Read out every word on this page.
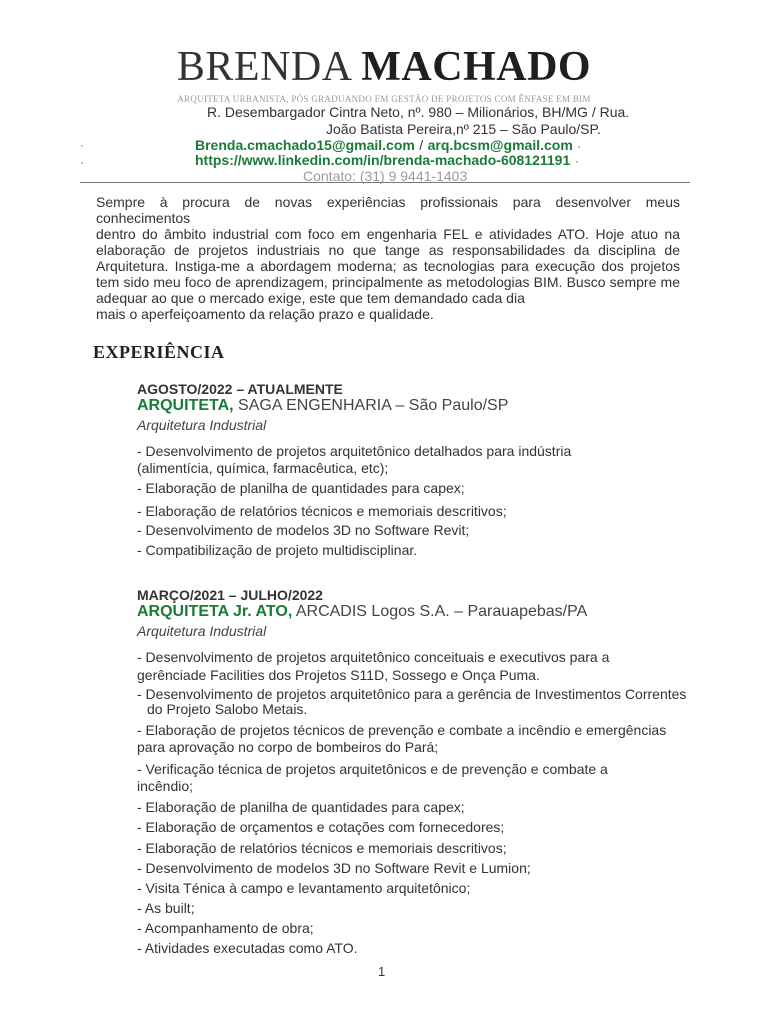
BRENDA MACHADO
ARQUITETA URBANISTA, PÓS GRADUANDO EM GESTÃO DE PROJETOS COM ÊNFASE EM BIM
R. Desembargador Cintra Neto, nº. 980 – Milionários, BH/MG / Rua.
João Batista Pereira,nº 215 – São Paulo/SP.
·	Brenda.cmachado15@gmail.com / arq.bcsm@gmail.com ·
·	https://www.linkedin.com/in/brenda-machado-608121191 ·
Contato: (31) 9 9441-1403
Sempre à procura de novas experiências profissionais para desenvolver meus conhecimentos
dentro do âmbito industrial com foco em engenharia FEL e atividades ATO. Hoje atuo na
elaboração de projetos industriais no que tange as responsabilidades da disciplina de
Arquitetura. Instiga-me a abordagem moderna; as tecnologias para execução dos projetos
tem sido meu foco de aprendizagem, principalmente as metodologias BIM. Busco sempre me
adequar ao que o mercado exige, este que tem demandado cada dia
mais o aperfeiçoamento da relação prazo e qualidade.
EXPERIÊNCIA
AGOSTO/2022 – ATUALMENTE
ARQUITETA, SAGA ENGENHARIA – São Paulo/SP
Arquitetura Industrial
- Desenvolvimento de projetos arquitetônico detalhados para indústria
(alimentícia, química, farmacêutica, etc);
- Elaboração de planilha de quantidades para capex;
- Elaboração de relatórios técnicos e memoriais descritivos;
- Desenvolvimento de modelos 3D no Software Revit;
- Compatibilização de projeto multidisciplinar.
MARÇO/2021 – JULHO/2022
ARQUITETA Jr. ATO, ARCADIS Logos S.A. – Parauapebas/PA
Arquitetura Industrial
- Desenvolvimento de projetos arquitetônico conceituais e executivos para a
gerênciade Facilities dos Projetos S11D, Sossego e Onça Puma.
- Desenvolvimento de projetos arquitetônico para a gerência de Investimentos Correntes
do Projeto Salobo Metais.
- Elaboração de projetos técnicos de prevenção e combate a incêndio e emergências
para aprovação no corpo de bombeiros do Pará;
- Verificação técnica de projetos arquitetônicos e de prevenção e combate a
incêndio;
- Elaboração de planilha de quantidades para capex;
- Elaboração de orçamentos e cotações com fornecedores;
- Elaboração de relatórios técnicos e memoriais descritivos;
- Desenvolvimento de modelos 3D no Software Revit e Lumion;
- Visita Ténica à campo e levantamento arquitetônico;
- As built;
- Acompanhamento de obra;
- Atividades executadas como ATO.
1
